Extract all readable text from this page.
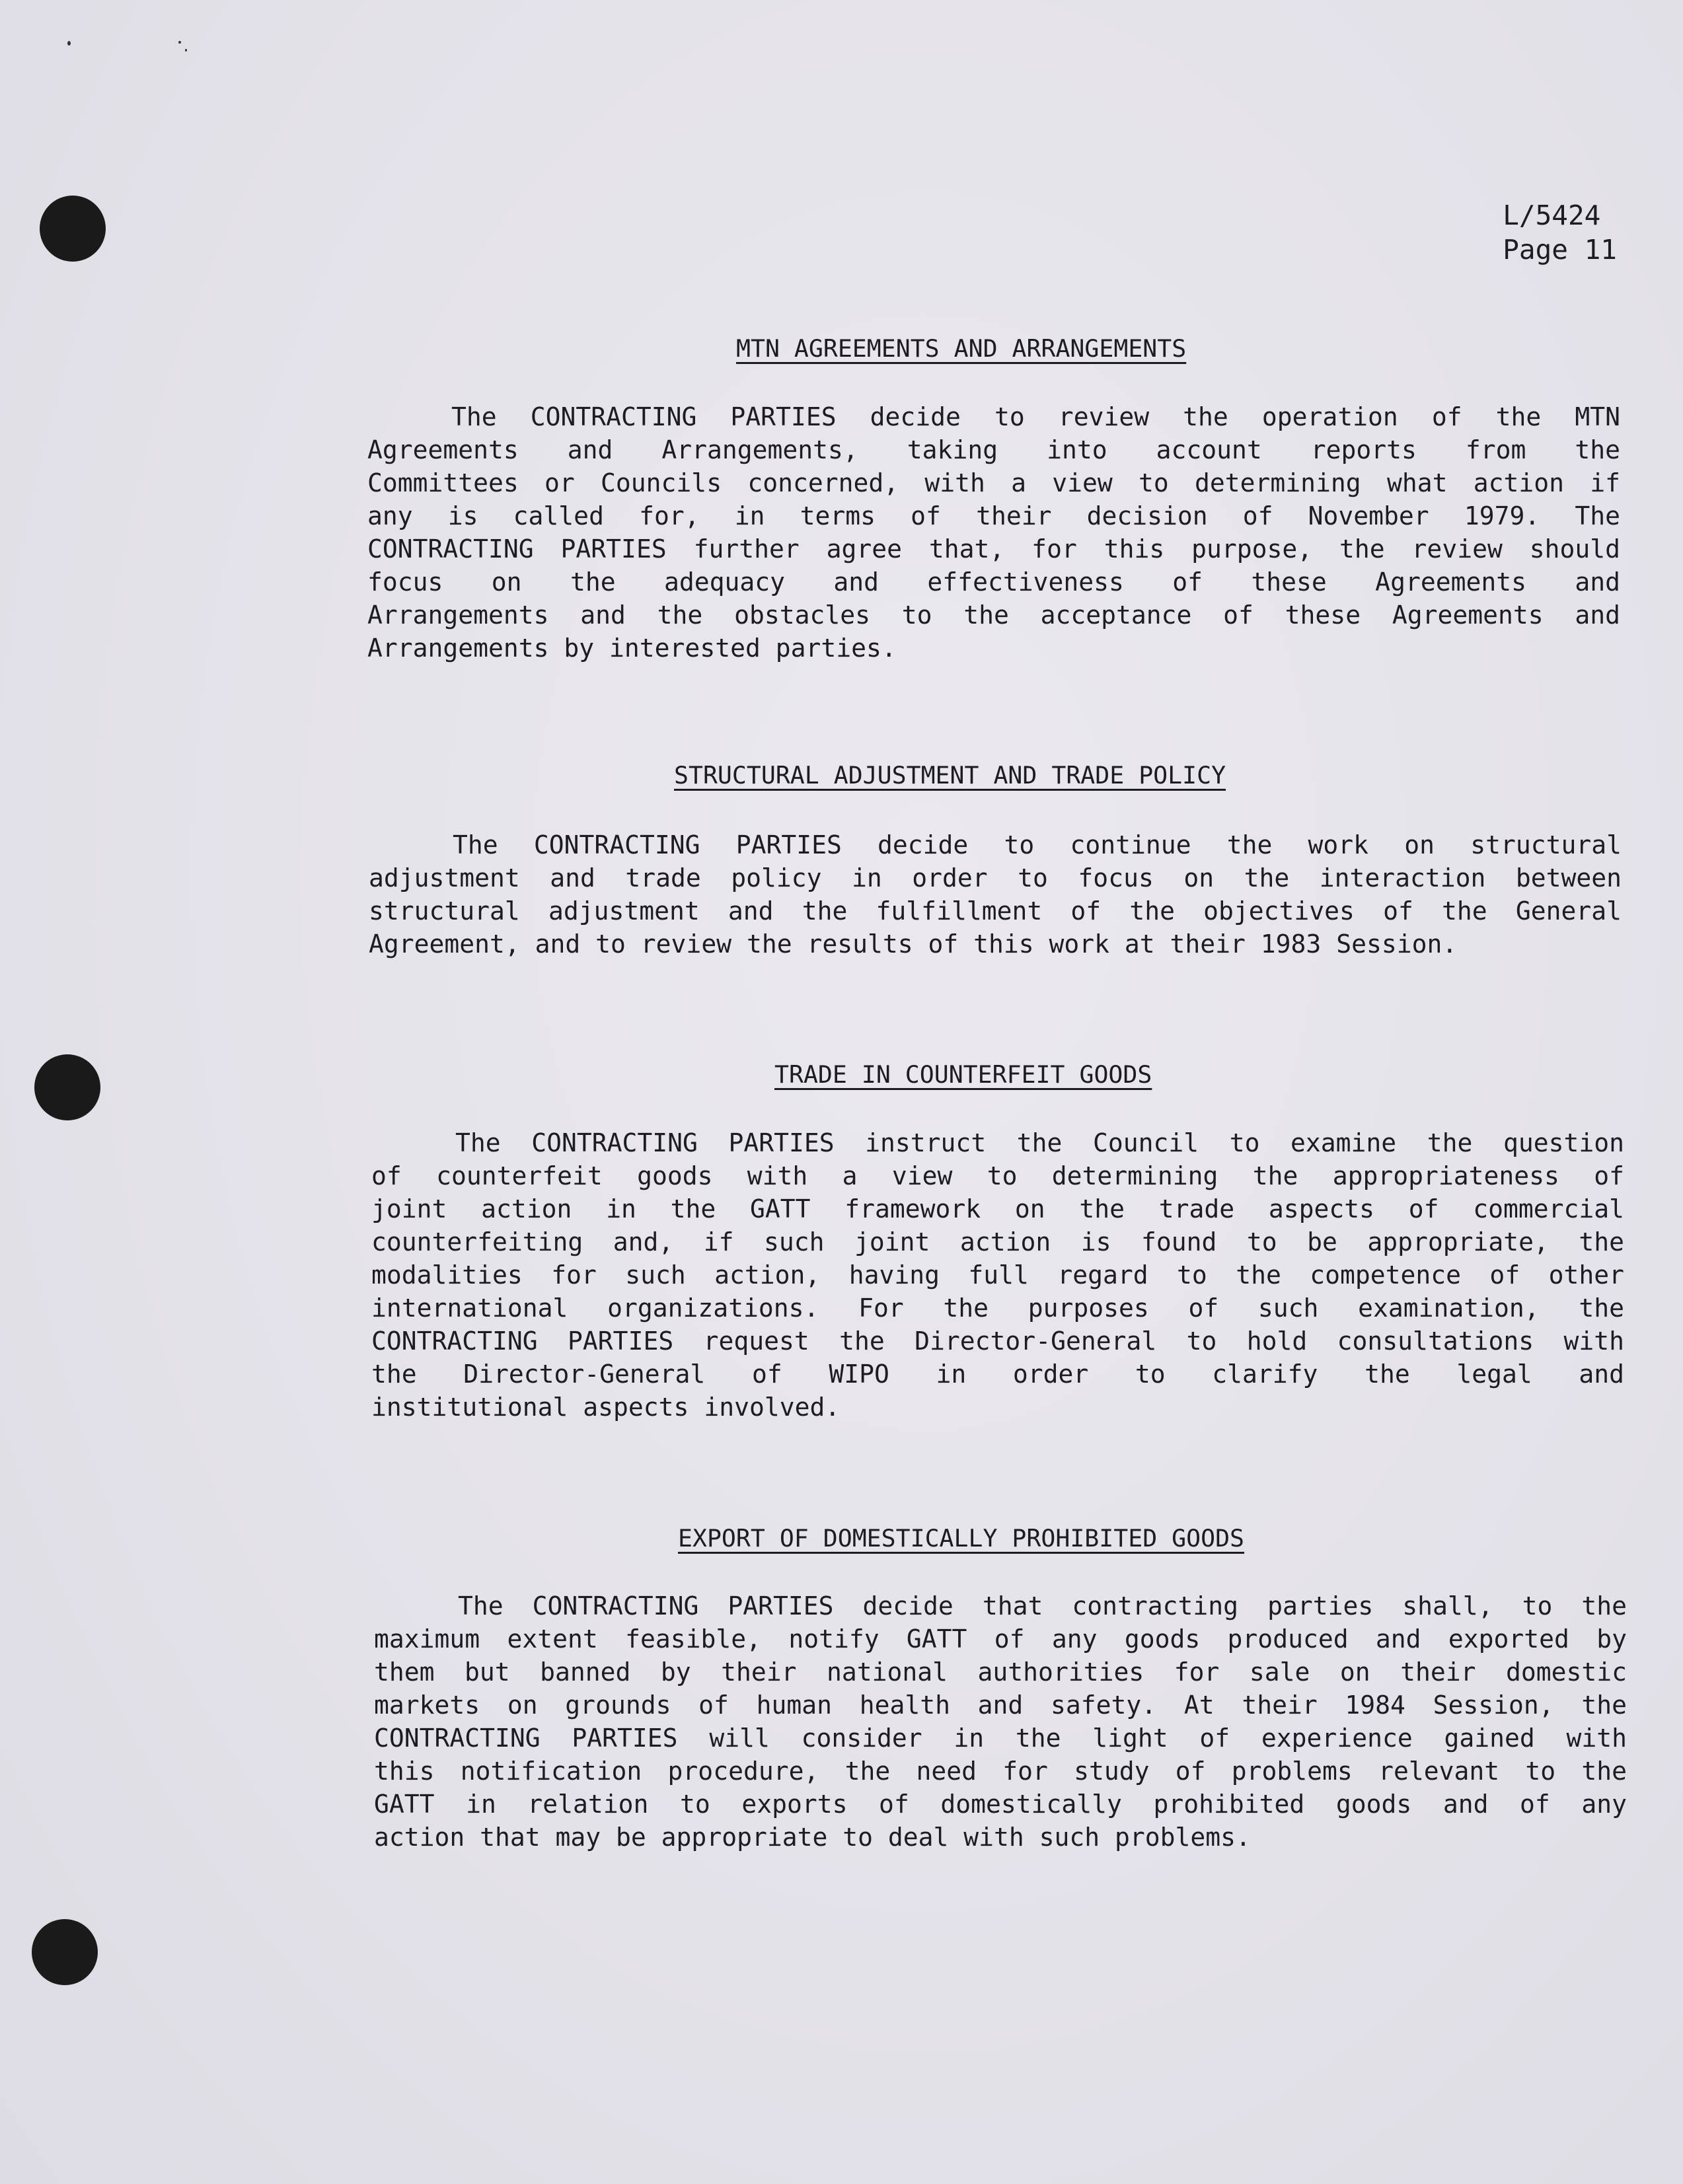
L/5424
Page 11
MTN AGREEMENTS AND ARRANGEMENTS
The CONTRACTING PARTIES decide to review the operation of the MTN
Agreements and Arrangements, taking into account reports from the
Committees or Councils concerned, with a view to determining what action if
any is called for, in terms of their decision of November 1979. The
CONTRACTING PARTIES further agree that, for this purpose, the review should
focus on the adequacy and effectiveness of these Agreements and
Arrangements and the obstacles to the acceptance of these Agreements and
Arrangements by interested parties.
STRUCTURAL ADJUSTMENT AND TRADE POLICY
The CONTRACTING PARTIES decide to continue the work on structural
adjustment and trade policy in order to focus on the interaction between
structural adjustment and the fulfillment of the objectives of the General
Agreement, and to review the results of this work at their 1983 Session.
TRADE IN COUNTERFEIT GOODS
The CONTRACTING PARTIES instruct the Council to examine the question
of counterfeit goods with a view to determining the appropriateness of
joint action in the GATT framework on the trade aspects of commercial
counterfeiting and, if such joint action is found to be appropriate, the
modalities for such action, having full regard to the competence of other
international organizations. For the purposes of such examination, the
CONTRACTING PARTIES request the Director-General to hold consultations with
the Director-General of WIPO in order to clarify the legal and
institutional aspects involved.
EXPORT OF DOMESTICALLY PROHIBITED GOODS
The CONTRACTING PARTIES decide that contracting parties shall, to the
maximum extent feasible, notify GATT of any goods produced and exported by
them but banned by their national authorities for sale on their domestic
markets on grounds of human health and safety. At their 1984 Session, the
CONTRACTING PARTIES will consider in the light of experience gained with
this notification procedure, the need for study of problems relevant to the
GATT in relation to exports of domestically prohibited goods and of any
action that may be appropriate to deal with such problems.
